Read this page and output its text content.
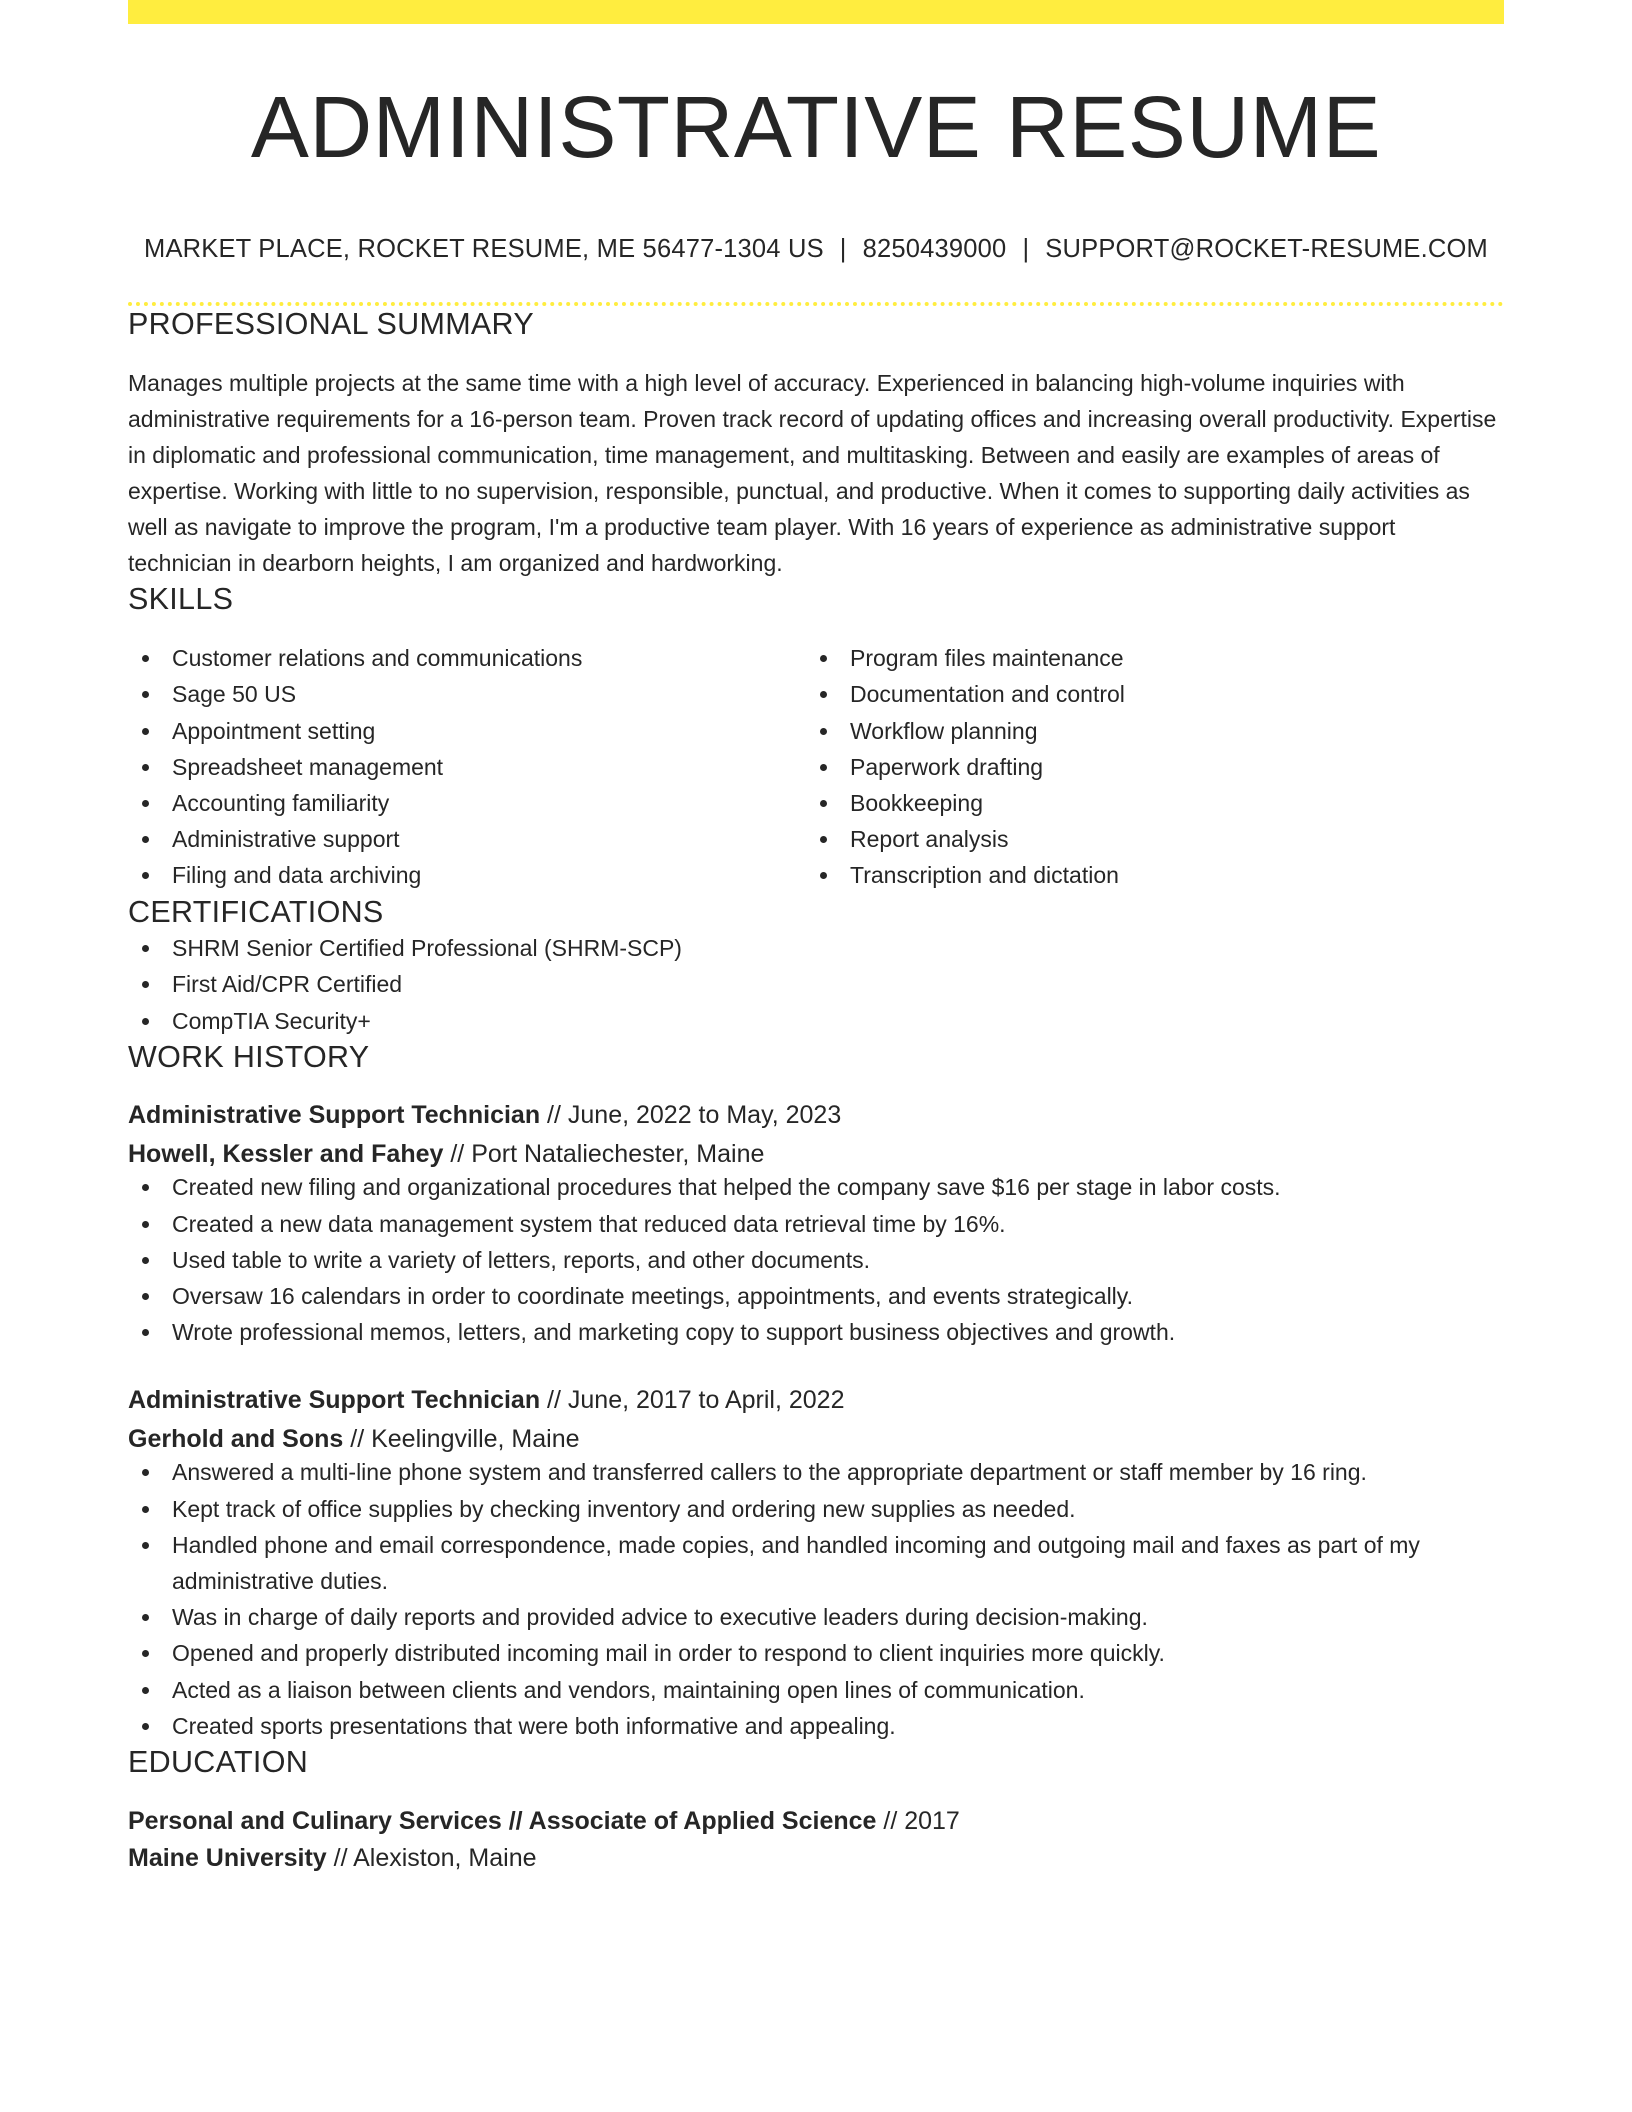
ADMINISTRATIVE RESUME
MARKET PLACE, ROCKET RESUME, ME 56477-1304 US | 8250439000 | SUPPORT@ROCKET-RESUME.COM
PROFESSIONAL SUMMARY

Manages multiple projects at the same time with a high level of accuracy. Experienced in balancing high-volume inquiries with administrative requirements for a 16-person team. Proven track record of updating offices and increasing overall productivity. Expertise in diplomatic and professional communication, time management, and multitasking. Between and easily are examples of areas of expertise. Working with little to no supervision, responsible, punctual, and productive. When it comes to supporting daily activities as well as navigate to improve the program, I'm a productive team player. With 16 years of experience as administrative support technician in dearborn heights, I am organized and hardworking.

SKILLS
Customer relations and communications
Sage 50 US
Appointment setting
Spreadsheet management
Accounting familiarity
Administrative support
Filing and data archiving
Program files maintenance
Documentation and control
Workflow planning
Paperwork drafting
Bookkeeping
Report analysis
Transcription and dictation
CERTIFICATIONS
SHRM Senior Certified Professional (SHRM-SCP)
First Aid/CPR Certified
CompTIA Security+
WORK HISTORY
Administrative Support Technician // June, 2022 to May, 2023
Howell, Kessler and Fahey // Port Nataliechester, Maine
Created new filing and organizational procedures that helped the company save $16 per stage in labor costs.
Created a new data management system that reduced data retrieval time by 16%.
Used table to write a variety of letters, reports, and other documents.
Oversaw 16 calendars in order to coordinate meetings, appointments, and events strategically.
Wrote professional memos, letters, and marketing copy to support business objectives and growth.
Administrative Support Technician // June, 2017 to April, 2022
Gerhold and Sons // Keelingville, Maine
Answered a multi-line phone system and transferred callers to the appropriate department or staff member by 16 ring.
Kept track of office supplies by checking inventory and ordering new supplies as needed.
Handled phone and email correspondence, made copies, and handled incoming and outgoing mail and faxes as part of my administrative duties.
Was in charge of daily reports and provided advice to executive leaders during decision-making.
Opened and properly distributed incoming mail in order to respond to client inquiries more quickly.
Acted as a liaison between clients and vendors, maintaining open lines of communication.
Created sports presentations that were both informative and appealing.
EDUCATION
Personal and Culinary Services // Associate of Applied Science // 2017
Maine University // Alexiston, Maine
